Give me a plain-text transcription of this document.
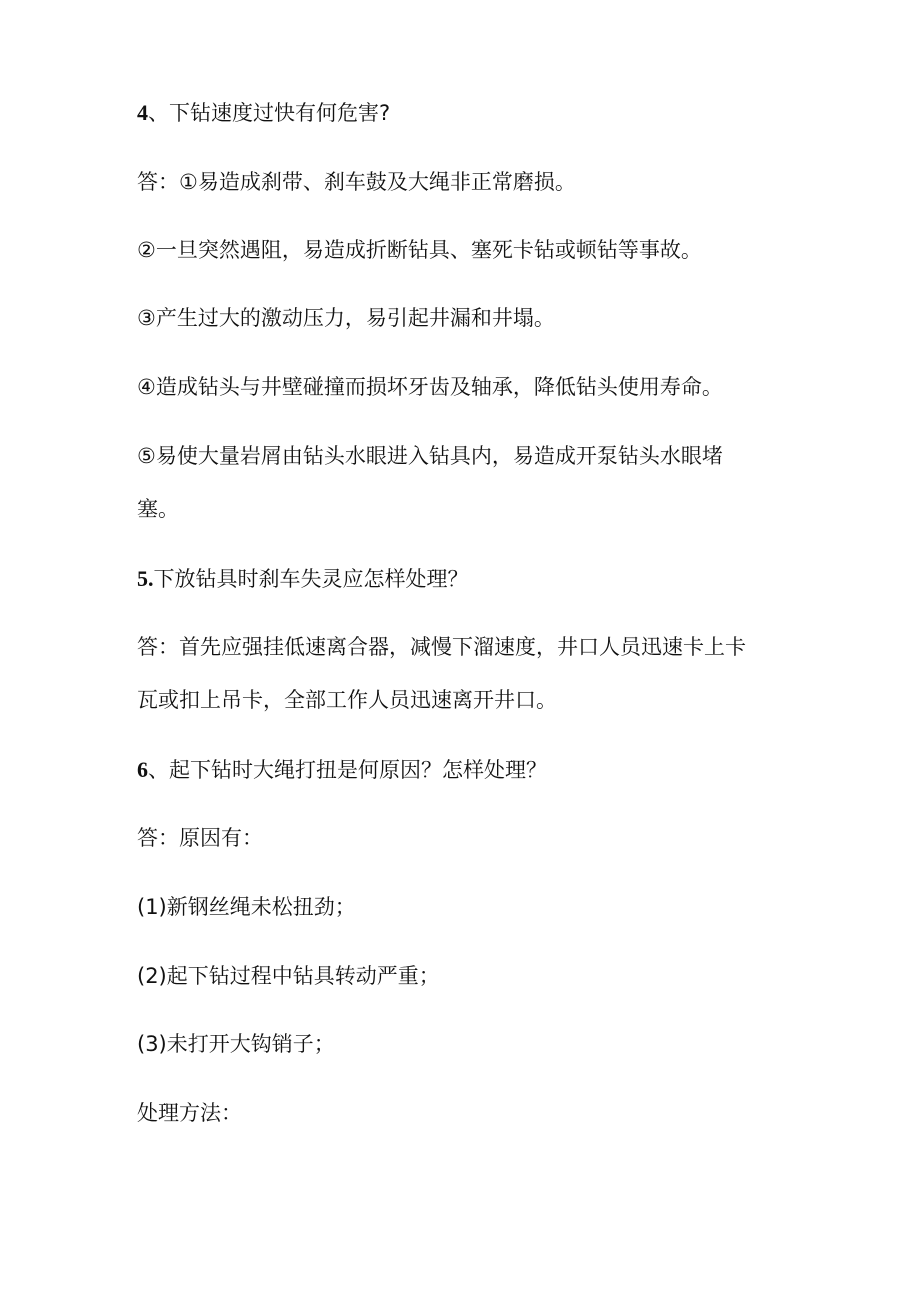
4、下钻速度过快有何危害?

答：①易造成刹带、刹车鼓及大绳非正常磨损。

②一旦突然遇阻，易造成折断钻具、塞死卡钻或顿钻等事故。

③产生过大的激动压力，易引起井漏和井塌。

④造成钻头与井壁碰撞而损坏牙齿及轴承，降低钻头使用寿命。

⑤易使大量岩屑由钻头水眼进入钻具内，易造成开泵钻头水眼堵

塞。

5.下放钻具时刹车失灵应怎样处理？

答：首先应强挂低速离合器，减慢下溜速度，井口人员迅速卡上卡

瓦或扣上吊卡，全部工作人员迅速离开井口。

6、起下钻时大绳打扭是何原因？怎样处理？

答：原因有：

(1)新钢丝绳未松扭劲；

(2)起下钻过程中钻具转动严重；

(3)未打开大钩销子；

处理方法：
